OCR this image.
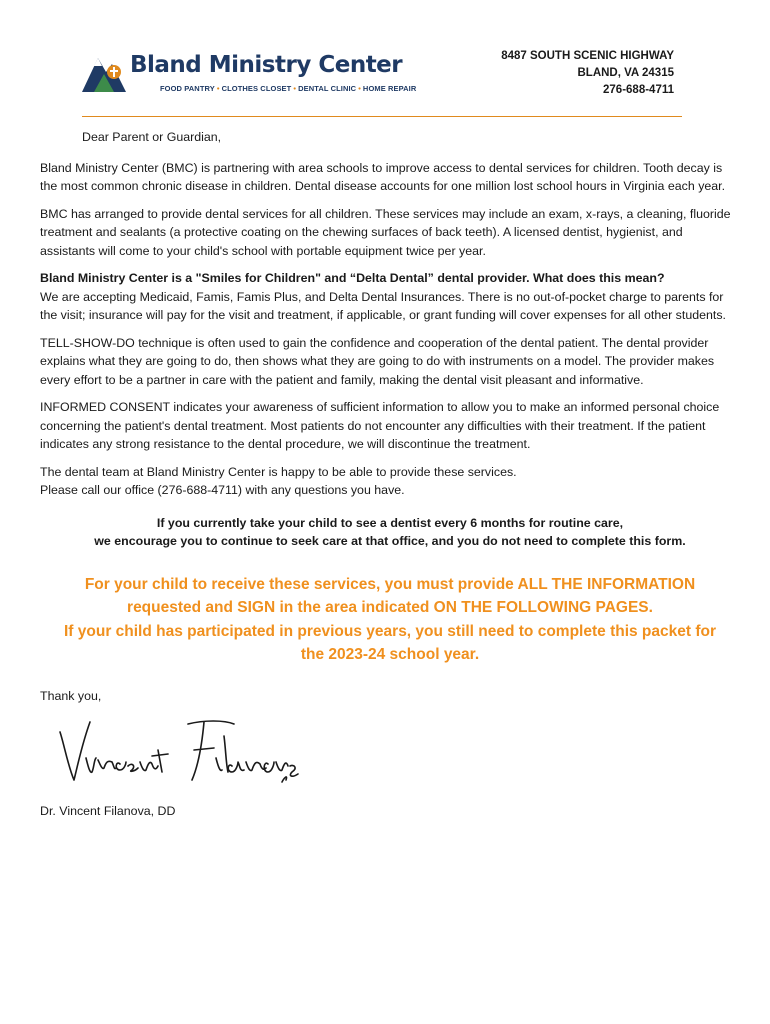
Bland Ministry Center
FOOD PANTRY • CLOTHES CLOSET • DENTAL CLINIC • HOME REPAIR
8487 SOUTH SCENIC HIGHWAY
BLAND, VA 24315
276-688-4711

Dear Parent or Guardian,

Bland Ministry Center (BMC) is partnering with area schools to improve access to dental services for children. Tooth decay is the most common chronic disease in children. Dental disease accounts for one million lost school hours in Virginia each year.

BMC has arranged to provide dental services for all children. These services may include an exam, x-rays, a cleaning, fluoride treatment and sealants (a protective coating on the chewing surfaces of back teeth). A licensed dentist, hygienist, and assistants will come to your child's school with portable equipment twice per year.

Bland Ministry Center is a "Smiles for Children" and “Delta Dental” dental provider. What does this mean?
We are accepting Medicaid, Famis, Famis Plus, and Delta Dental Insurances. There is no out-of-pocket charge to parents for the visit; insurance will pay for the visit and treatment, if applicable, or grant funding will cover expenses for all other students.

TELL-SHOW-DO technique is often used to gain the confidence and cooperation of the dental patient. The dental provider explains what they are going to do, then shows what they are going to do with instruments on a model. The provider makes every effort to be a partner in care with the patient and family, making the dental visit pleasant and informative.

INFORMED CONSENT indicates your awareness of sufficient information to allow you to make an informed personal choice concerning the patient's dental treatment. Most patients do not encounter any difficulties with their treatment. If the patient indicates any strong resistance to the dental procedure, we will discontinue the treatment.

The dental team at Bland Ministry Center is happy to be able to provide these services.
Please call our office (276-688-4711) with any questions you have.

If you currently take your child to see a dentist every 6 months for routine care,
we encourage you to continue to seek care at that office, and you do not need to complete this form.

For your child to receive these services, you must provide ALL THE INFORMATION
requested and SIGN in the area indicated ON THE FOLLOWING PAGES.
If your child has participated in previous years, you still need to complete this packet for
the 2023-24 school year.

Thank you,

Dr. Vincent Filanova, DD
